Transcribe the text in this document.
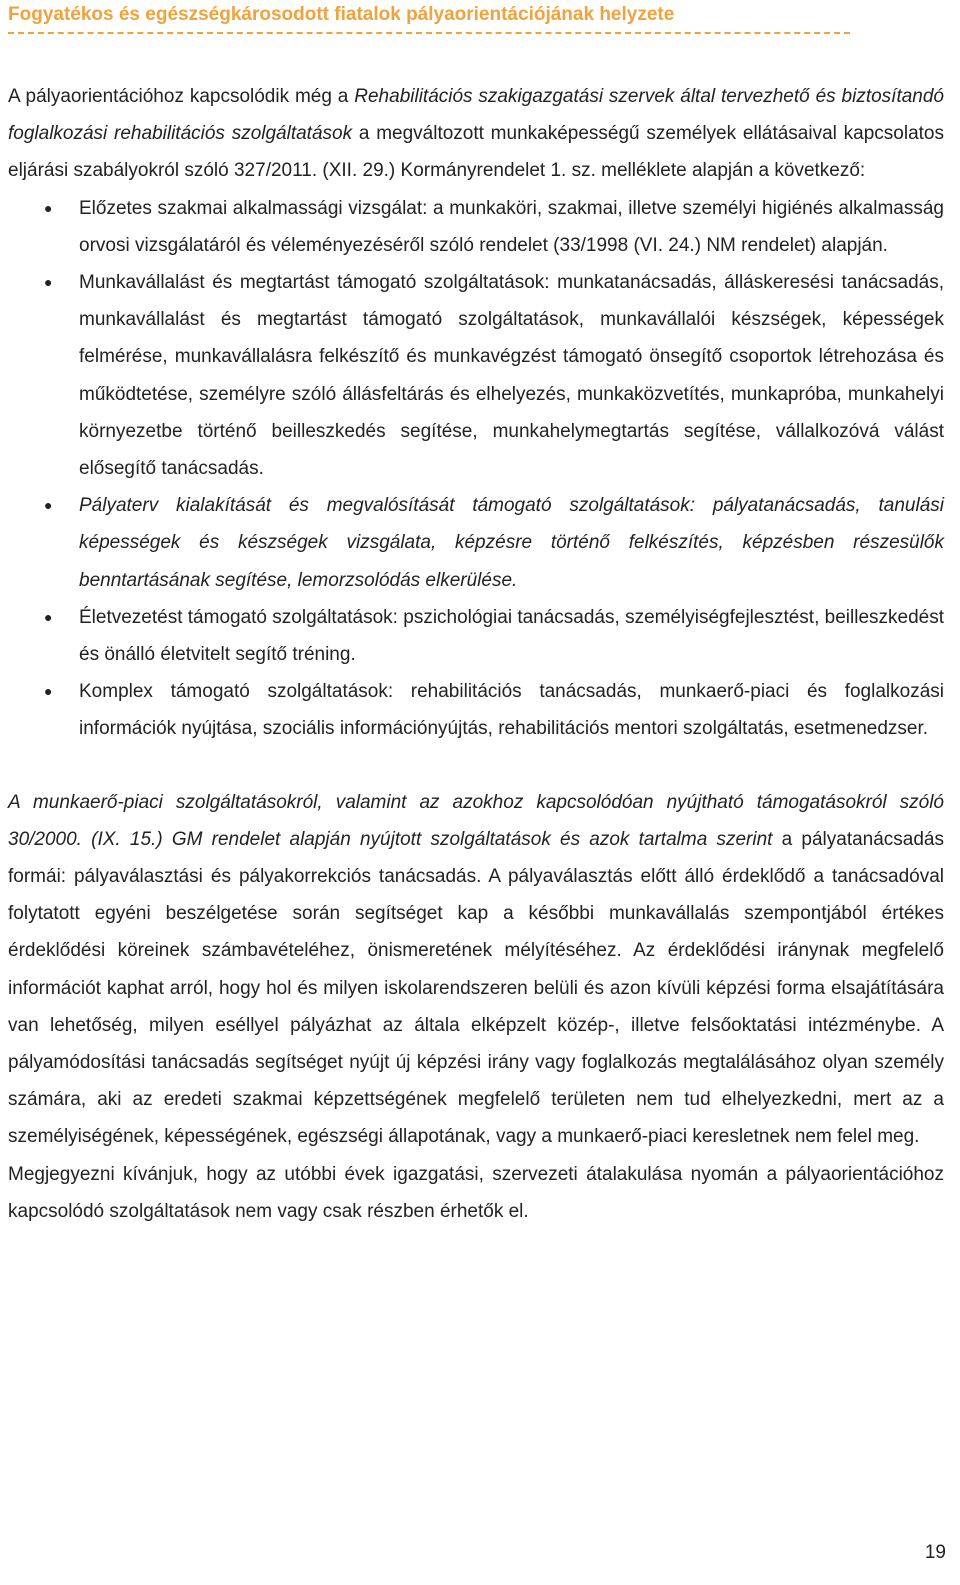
Fogyatékos és egészségkárosodott fiatalok pályaorientációjának helyzete

A pályaorientációhoz kapcsolódik még a Rehabilitációs szakigazgatási szervek által tervezhető és biztosítandó foglalkozási rehabilitációs szolgáltatások a megváltozott munkaképességű személyek ellátásaival kapcsolatos eljárási szabályokról szóló 327/2011. (XII. 29.) Kormányrendelet 1. sz. melléklete alapján a következő:

● Előzetes szakmai alkalmassági vizsgálat: a munkaköri, szakmai, illetve személyi higiénés alkalmasság orvosi vizsgálatáról és véleményezéséről szóló rendelet (33/1998 (VI. 24.) NM rendelet) alapján.
● Munkavállalást és megtartást támogató szolgáltatások: munkatanácsadás, álláskeresési tanácsadás, munkavállalást és megtartást támogató szolgáltatások, munkavállalói készségek, képességek felmérése, munkavállalásra felkészítő és munkavégzést támogató önsegítő csoportok létrehozása és működtetése, személyre szóló állásfeltárás és elhelyezés, munkaközvetítés, munkapróba, munkahelyi környezetbe történő beilleszkedés segítése, munkahelymegtartás segítése, vállalkozóvá válást elősegítő tanácsadás.
● Pályaterv kialakítását és megvalósítását támogató szolgáltatások: pályatanácsadás, tanulási képességek és készségek vizsgálata, képzésre történő felkészítés, képzésben részesülők benntartásának segítése, lemorzsolódás elkerülése.
● Életvezetést támogató szolgáltatások: pszichológiai tanácsadás, személyiségfejlesztést, beilleszkedést és önálló életvitelt segítő tréning.
● Komplex támogató szolgáltatások: rehabilitációs tanácsadás, munkaerő-piaci és foglalkozási információk nyújtása, szociális információnyújtás, rehabilitációs mentori szolgáltatás, esetmenedzser.

A munkaerő-piaci szolgáltatásokról, valamint az azokhoz kapcsolódóan nyújtható támogatásokról szóló 30/2000. (IX. 15.) GM rendelet alapján nyújtott szolgáltatások és azok tartalma szerint a pályatanácsadás formái: pályaválasztási és pályakorrekciós tanácsadás. A pályaválasztás előtt álló érdeklődő a tanácsadóval folytatott egyéni beszélgetése során segítséget kap a későbbi munkavállalás szempontjából értékes érdeklődési köreinek számbavételéhez, önismeretének mélyítéséhez. Az érdeklődési iránynak megfelelő információt kaphat arról, hogy hol és milyen iskolarendszeren belüli és azon kívüli képzési forma elsajátítására van lehetőség, milyen eséllyel pályázhat az általa elképzelt közép-, illetve felsőoktatási intézménybe. A pályamódosítási tanácsadás segítséget nyújt új képzési irány vagy foglalkozás megtalálásához olyan személy számára, aki az eredeti szakmai képzettségének megfelelő területen nem tud elhelyezkedni, mert az a személyiségének, képességének, egészségi állapotának, vagy a munkaerő-piaci keresletnek nem felel meg.

Megjegyezni kívánjuk, hogy az utóbbi évek igazgatási, szervezeti átalakulása nyomán a pályaorientációhoz kapcsolódó szolgáltatások nem vagy csak részben érhetők el.

19
